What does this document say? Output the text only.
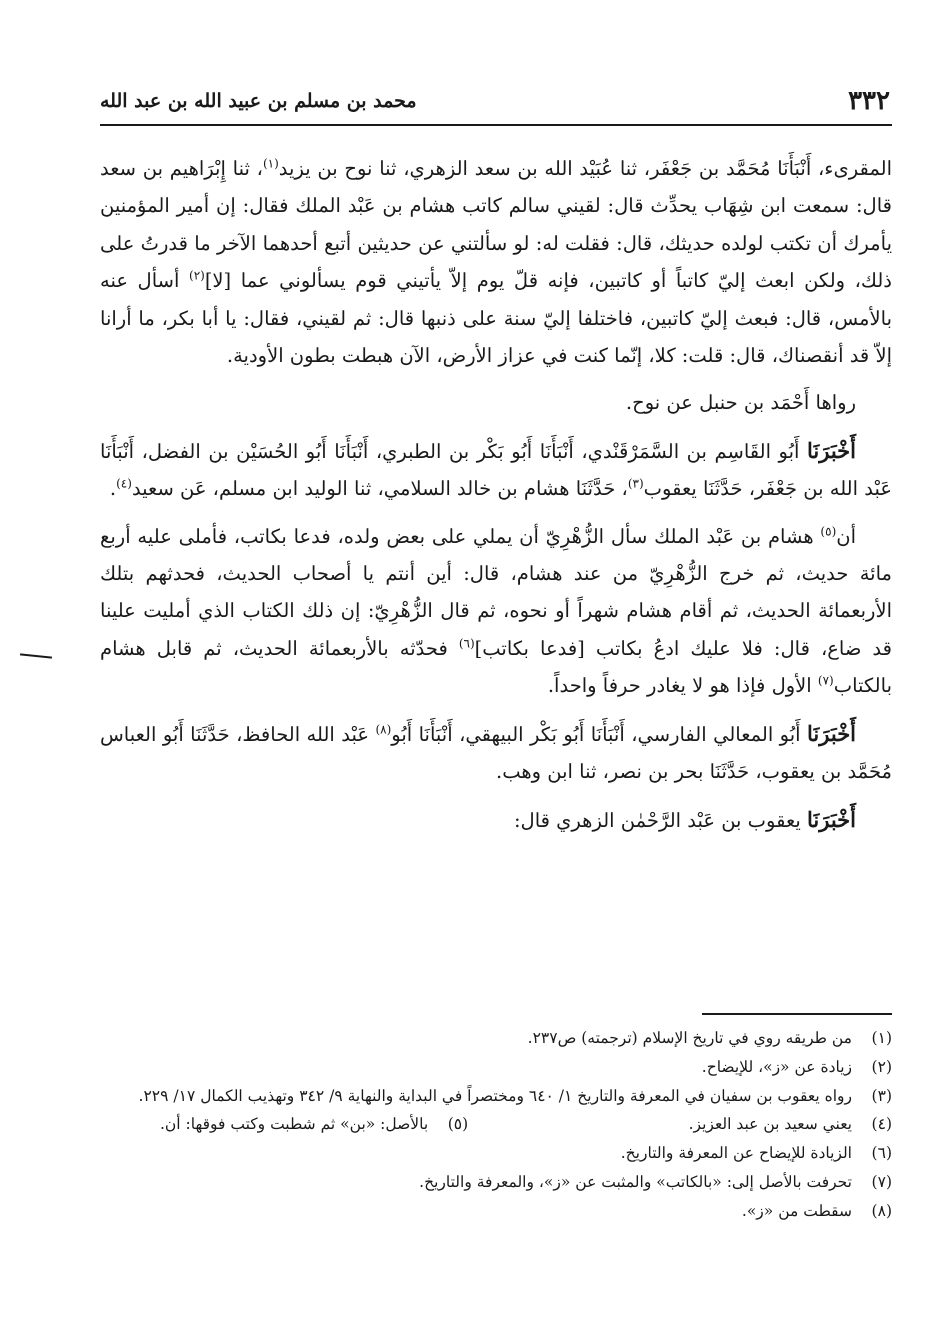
٣٣٢
محمد بن مسلم بن عبيد الله بن عبد الله

المقرىء، أَنْبَأَنَا مُحَمَّد بن جَعْفَر، ثنا عُبَيْد الله بن سعد الزهري، ثنا نوح بن يزيد$^{(١)}$، ثنا إِبْرَاهيم بن سعد قال: سمعت ابن شِهَاب يحدِّث قال: لقيني سالم كاتب هشام بن عَبْد الملك فقال: إن أمير المؤمنين يأمرك أن تكتب لولده حديثك، قال: فقلت له: لو سألتني عن حديثين أتبع أحدهما الآخر ما قدرتُ على ذلك، ولكن ابعث إليّ كاتباً أو كاتبين، فإنه قلّ يوم إلاّ يأتيني قوم يسألوني عما [لا]$^{(٢)}$ أسأل عنه بالأمس، قال: فبعث إليّ كاتبين، فاختلفا إليّ سنة على ذنبها قال: ثم لقيني، فقال: يا أبا بكر، ما أرانا إلاّ قد أنقصناك، قال: قلت: كلا، إنّما كنت في عزاز الأرض، الآن هبطت بطون الأودية.

رواها أَحْمَد بن حنبل عن نوح.

أَخْبَرَنَا أَبُو القَاسِم بن السَّمَرْقَنْدي، أَنْبَأَنَا أَبُو بَكْر بن الطبري، أَنْبَأَنَا أَبُو الحُسَيْن بن الفضل، أَنْبَأَنَا عَبْد الله بن جَعْفَر، حَدَّثَنَا يعقوب$^{(٣)}$، حَدَّثَنَا هشام بن خالد السلامي، ثنا الوليد ابن مسلم، عَن سعيد$^{(٤)}$.

أن$^{(٥)}$ هشام بن عَبْد الملك سأل الزُّهْرِيّ أن يملي على بعض ولده، فدعا بكاتب، فأملى عليه أربع مائة حديث، ثم خرج الزُّهْرِيّ من عند هشام، قال: أين أنتم يا أصحاب الحديث، فحدثهم بتلك الأربعمائة الحديث، ثم أقام هشام شهراً أو نحوه، ثم قال الزُّهْرِيّ: إن ذلك الكتاب الذي أمليت علينا قد ضاع، قال: فلا عليك ادعُ بكاتب [فدعا بكاتب]$^{(٦)}$ فحدّثه بالأربعمائة الحديث، ثم قابل هشام بالكتاب$^{(٧)}$ الأول فإذا هو لا يغادر حرفاً واحداً.

أَخْبَرَنَا أَبُو المعالي الفارسي، أَنْبَأَنَا أَبُو بَكْر البيهقي، أَنْبَأَنَا أَبُو$^{(٨)}$ عَبْد الله الحافظ، حَدَّثَنَا أَبُو العباس مُحَمَّد بن يعقوب، حَدَّثَنَا بحر بن نصر، ثنا ابن وهب.

أَخْبَرَنَا يعقوب بن عَبْد الرَّحْمٰن الزهري قال:

(١)
من طريقه روي في تاريخ الإسلام (ترجمته) ص٢٣٧.
(٢)
زيادة عن «ز»، للإيضاح.
(٣)
رواه يعقوب بن سفيان في المعرفة والتاريخ ١/ ٦٤٠ ومختصراً في البداية والنهاية ٩/ ٣٤٢ وتهذيب الكمال ١٧/ ٢٢٩.
(٤)
يعني سعيد بن عبد العزيز.
(٥)
بالأصل: «بن» ثم شطبت وكتب فوقها: أن.
(٦)
الزيادة للإيضاح عن المعرفة والتاريخ.
(٧)
تحرفت بالأصل إلى: «بالكاتب» والمثبت عن «ز»، والمعرفة والتاريخ.
(٨)
سقطت من «ز».
